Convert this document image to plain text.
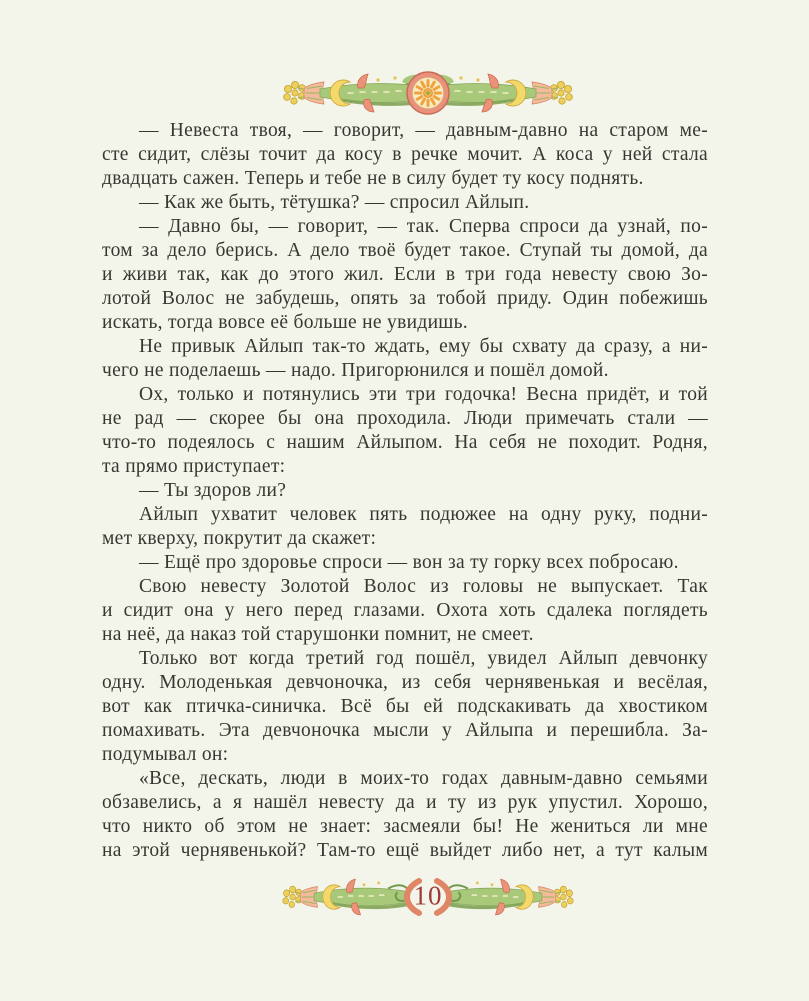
— Невеста твоя, — говорит, — давным-давно на старом ме-
сте сидит, слёзы точит да косу в речке мочит. А коса у ней стала
двадцать сажен. Теперь и тебе не в силу будет ту косу поднять.
— Как же быть, тётушка? — спросил Айлып.
— Давно бы, — говорит, — так. Сперва спроси да узнай, по-
том за дело берись. А дело твоё будет такое. Ступай ты домой, да
и живи так, как до этого жил. Если в три года невесту свою Зо-
лотой Волос не забудешь, опять за тобой приду. Один побежишь
искать, тогда вовсе её больше не увидишь.
Не привык Айлып так-то ждать, ему бы схвату да сразу, а ни-
чего не поделаешь — надо. Пригорюнился и пошёл домой.
Ох, только и потянулись эти три годочка! Весна придёт, и той
не рад — скорее бы она проходила. Люди примечать стали —
что-то подеялось с нашим Айлыпом. На себя не походит. Родня,
та прямо приступает:
— Ты здоров ли?
Айлып ухватит человек пять подюжее на одну руку, подни-
мет кверху, покрутит да скажет:
— Ещё про здоровье спроси — вон за ту горку всех побросаю.
Свою невесту Золотой Волос из головы не выпускает. Так
и сидит она у него перед глазами. Охота хоть сдалека поглядеть
на неё, да наказ той старушонки помнит, не смеет.
Только вот когда третий год пошёл, увидел Айлып девчонку
одну. Молоденькая девчоночка, из себя чернявенькая и весёлая,
вот как птичка-синичка. Всё бы ей подскакивать да хвостиком
помахивать. Эта девчоночка мысли у Айлыпа и перешибла. За-
подумывал он:
«Все, дескать, люди в моих-то годах давным-давно семьями
обзавелись, а я нашёл невесту да и ту из рук упустил. Хорошо,
что никто об этом не знает: засмеяли бы! Не жениться ли мне
на этой чернявенькой? Там-то ещё выйдет либо нет, а тут калым
10
